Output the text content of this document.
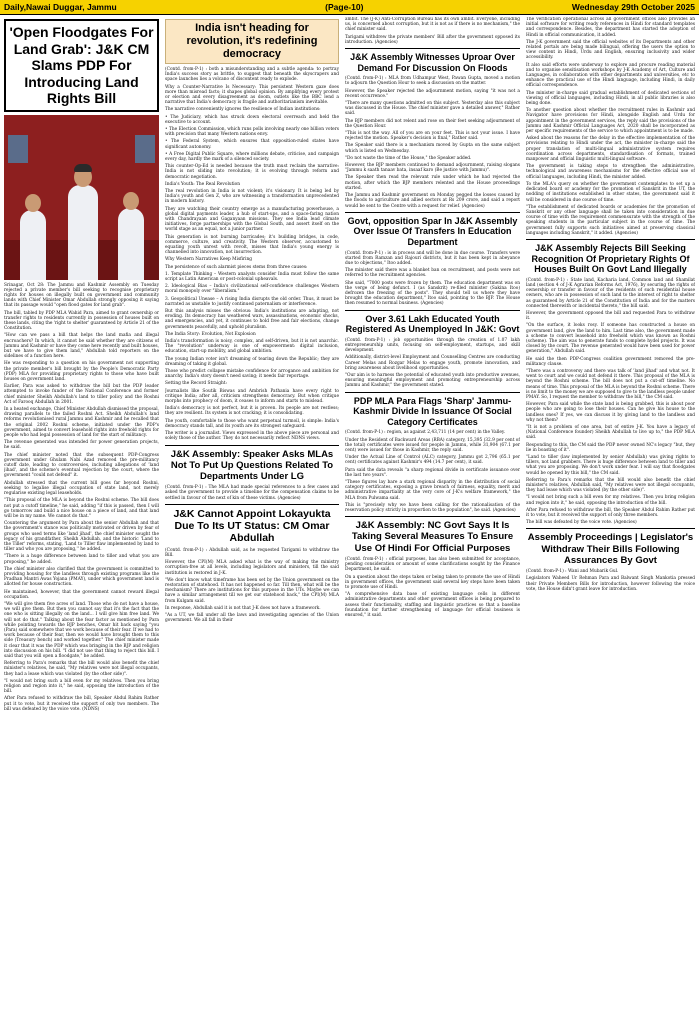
Daily,Nawai Duggar, Jammu	(Page-10)	Wednesday 29th October 2025
'Open Floodgates For Land Grab': J&K CM Slams PDP For Introducing Land Rights Bill

Srinagar, Oct 28: The Jammu and Kashmir Assembly on Tuesday rejected a private member's bill seeking to recognise proprietary rights for houses on illegally built on government and community lands with Chief Minister Omar Abdullah strongly opposing it saying that its passage would "open flood gates for land grab".

The bill, tabled by PDP MLA Wahid Para, aimed to grant ownership or transfer rights to residents currently in possession of houses built on these lands, citing the 'right to shelter' guaranteed by Article 21 of the Constitution.

"How can we pass a bill that helps the land mafia and illegal encroachers? In which, it cannot be said whether they are citizens of Jammu and Kashmir or have they come here recently and built houses, but we have to give them land," Abdullah told reporters on the sidelines of a function here.

He was responding to a question on his government not supporting the private member's bill brought by the People's Democratic Party (PDP) MLA for providing proprietary rights to those who have built houses on government land.

Earlier, Para was asked to withdraw the bill but the PDP leader attempted to invoke funder of the National Conference and former chief minister Sheikh Abdullah's land to tiller policy and the Roshni Act of Farooq Abdullah in 2001.

In a heated exchange, Chief Minister Abdullah dismissed the proposal, drawing parallels to the failed Roshni Act. Sheikh Abdullah's land reforms revolutionised rural Jammu and Kashmir and he recalled that the original 2002 Roshni scheme, initiated under the PDP's government, aimed to convert leasehold rights into freehold rights for people who had legal possession of land for the start of militancy.

The revenue generated was intended for power generation projects, he said.

The chief minister noted that the subsequent PDP-Congress government under Ghulam Nabi Azad removed the pre-militancy cutoff date, leading to controversies, including allegations of 'land jihad', and the scheme's eventual rejection by the court, where the government "could not defend" it.

Abdullah stressed that the current bill goes far beyond Roshni, seeking to legalise illegal occupation of state land, not merely regularise existing legal leaseholds.

"This proposal of the MLA is beyond the Roshni scheme. The bill does not put a cutoff timeline," he said, adding "if this is passed, then I will go tomorrow and build a nice house on a piece of land, and that land will be in my name. We cannot do that."

Countering the argument by Para about the senior Abdullah and that the government's stance was politically motivated or driven by fear of groups who used terms like 'land jihad', the chief minister sought the legacy of his grandfather, Sheikh Abdullah, and the historic 'Land to the Tiller' reforms, stating, 'Land to Tiller flaw implemented by land to tiller and who you are proposing,'' he added.

"There is a huge difference between land to tiller and what you are proposing," he added.

The chief minister also clarified that the government is committed to providing housing for the landless through existing programs like the Pradhan Mantri Awas Yojana (PMAY), under which government land is allotted for house construction.

He maintained, however, that the government cannot reward illegal occupation.

"We will give them five acres of land. Those who do not have a house, we will give them. But then you cannot say that it's the fact that the one who is sitting illegally on the land... I will give him free land. We will not do that." Talking about the fear factor as mentioned by Para while pointing towards the BJP benches, Omar hit back saying "you (Para) said somewhere that we work because of their fear. If we had to work because of their fear, then we would have brought them to this side (Treasury bench) and worked together." The chief minister made it clear that it was the PDP which was bringing in the BJP and religion into discussion on his bill. "I did not use that thing to reject this bill. I said that you will open a floodgate," he added.

Referring to Para's remarks that the bill would also benefit the chief minister's relatives, he said, "My relatives were not illegal occupants, they had a lease which was violated (by the other side)".

"I would not bring such a bill even for my relatives. Then you bring religion and region into it," he said, opposing the introduction of the bill.

After Para refused to withdraw the bill, Speaker Abdul Rahim Rather put it to vote, but it received the support of only two members. The bill was defeated by the voice vote. (NDNS)

India isn't heading for revolution, it's redefining democracy

(Contd. from-P-1) : both a misunderstanding and a subtle agenda: to portray India's success story as brittle, to suggest that beneath the skyscrapers and space launches lies a volcano of discontent ready to explode.

Why a Counter-Narrative Is Necessary: This persistent Western gaze does more than misread facts; it shapes global opinion. By amplifying every protest or election and every disagreement as doom, outlets like the BBC lend a narrative that India's democracy is fragile and authoritarianism inevitable.

The narrative conveniently ignores the resilience of Indian institutions:

• The Judiciary, which has struck down electoral overreach and held the executive to account.

• The Election Commission, which runs polls involving nearly one billion voters with precision that many Western nations envy.

• The Federal System, which ensures that opposition-ruled states have significant autonomy.

• A Free Digital Public Square, where millions debate, criticise, and campaign every day, hardly the mark of a silenced society.

This counter-Op-Ed is needed because the truth must reclaim the narrative: India is not sliding into revolution; it is evolving through reform and democratic negotiation.

India's Youth: The Real Revolution

The real revolution in India is not violent; it's visionary. It is being led by India's youth and Gen Z, who are witnessing a transformation unprecedented in modern history.

They are watching their country emerge as a manufacturing powerhouse, a global digital payments leader, a hub of start-ups, and a space-faring nation with Chandrayaan and Gaganyaan missions. They see India lead climate initiatives, forge partnerships with the Global South, and assert itself on the world stage as an equal, not a junior partner.

This generation is not burning barricades; it's building bridges, in code, commerce, culture, and creativity. The Western observer, accustomed to equating youth unrest with revolt, misses that India's young energy is channelled into innovation, not insurrection.

Why Western Narratives Keep Misfiring

The persistence of such alarmist pieces stems from three causes:

1. Template Thinking – Western analysts consider India must follow the same script as Latin American or post-colonial upheavals.

2. Ideological Bias – India's civilizational self-confidence challenges Western moral monopoly over "liberalism."

3. Geopolitical Unease – A rising India disrupts the old order. Thus, it must be narrated as unstable to justify continued paternalism or interference.

But this analysis misses the obvious: India's institutions are adapting, not eroding. Its democracy has weathered wars, assassinations, economic shocks, and emergencies, and yet, it continues to hold free and fair elections, change governments peacefully, and uphold pluralism.

The India Story: Evolution, Not Explosion

India's transformation is noisy, complex, and self-driven, but it is not anarchic. The "revolution" underway is one of empowerment: digital inclusion, education, start-up mobility, and global ambition.

The young Indian voter isn't dreaming of tearing down the Republic; they are dreaming of taking it global.

Those who predict collapse mistake confidence for arrogance and ambition for anarchy. India's story doesn't need saving; it needs fair reportage.

Setting the Record Straight:

Journalists like Soutik Biswas and Ambrish Pathania have every right to critique India; after all, criticism strengthens democracy. But when critique morphs into prophecy of doom, it ceases to inform and starts to mislead.

India's democracy is not perfect, but it is proven. Its people are not restless; they are resilient. Its system is not cracking; it is consolidating.

The youth, comfortable to those who want perpetual turmoil, is simple: India's democracy stands tall, and its youth are its strongest safeguard.

The writer is a journalist. Views expressed in the above piece are personal and solely those of the author. They do not necessarily reflect NDNS views.

J&K Assembly: Speaker Asks MLAs Not To Put Up Questions Related To Departments Under LG

(Contd. from-P-1) : The MLA had made special references to a few cases and asked the government to provide a timeline for the compensation claims to be settled in favour of the next of kin of these victims. (Agencies)

J&K Cannot Appoint Lokayukta Due To Its UT Status: CM Omar Abdullah

(Contd. from-P-1) : Abdullah said, as he requested Tarigami to withdraw the Bill.

However, the CPI(M) MLA asked what is the way of making the ministry corruption-free at all levels, including legislators and ministers, till the said institution is restored in J-K.

"We don't know what timeframe has been set by the Union government on the restoration of statehood. It has not happened so far. Till then, what will be the mechanism? There are institutions for this purpose in the UTs. Maybe we can have a similar arrangement till we get our statehood back," the CPI(M) MLA from Kulgam said.

In response, Abdullah said it is not that J-K does not have a framework.

"As a UT, we fall under all the laws and investigating agencies of the Union government. We all fall in their

ambit. The (J-K) Anti-Corruption Bureau has its own ambit. Everyone, including us, is concerned about corruption, but it is not as if there is no mechanism," the chief minister said.

Tarigami withdrew the private members' Bill after the government opposed its introduction. (Agencies)

J&K Assembly Witnesses Uproar Over Demand For Discussion On Floods

(Contd. from-P-1) : MLA from Udhampur West, Pawan Gupta, moved a motion to adjourn the Question Hour to seek a discussion on the matter.

However, the Speaker rejected the adjournment motion, saying "it was not a recent occurrence."

"There are many questions admitted on this subject. Yesterday also this subject was discussed in the House. The chief minister gave a detailed answer," Rather said.

The BJP members did not relent and rose on their feet seeking adjournment of the Question Hour.

"This is not the way. All of you are on your feet. This is not your issue. I have rejected the motion. Speaker's decision is final," Rather said.

The Speaker said there is a mechanism moved by Gupta on the same subject which is listed on Wednesday.

"Do not waste the time of the House," the Speaker added.

However, the BJP members continued to demand adjournment, raising slogans "Jammu k saath tanaav bata, insaaf karo (Be justice with Jammu)".

The Speaker then read the relevant rule under which he had rejected the motion, after which the BJP members relented and the House proceedings started.

The Jammu and Kashmir government on Monday pegged the losses caused by the floods to agriculture and allied sectors at Rs 209 crore, and said a report would be sent to the Centre with a request for relief. (Agencies)

Govt, opposition Spar In J&K Assembly Over Issue Of Transfers In Education Department

(Contd. from-P-1) : is in process and will be done in due course. Transfers were started from Ramzan and Rajouri districts, but it has been kept in abeyance due to objections," Itoo added.

The minister said there was a blanket ban on recruitment, and posts were not referred to the recruitment agencies.

She said, "7000 posts were frozen by them. The education department was on the verge of being defunct. I (as Sanskrit) re-filed minister (Sakina Itoo) defrozen the freezing of the posts". They should tell us where they have brought the education department," Itoo said, pointing to the BJP. The House then resumed to normal business. (Agencies)

Over 3.61 Lakh Educated Youth Registered As Unemployed In J&K: Govt

(Contd. from-P-1) : job opportunities through the creation of 1.07 lakh entrepreneurship units, focusing on self-employment, startups, and skill development.

Additionally, district-level Employment and Counselling Centres are conducting Career Melas and Rozgar Melas to engage youth, promote innovation, and bring awareness about livelihood opportunities.

"Our aim is to harness the potential of educated youth into productive avenues, ensuring meaningful employment and promoting entrepreneurship across Jammu and Kashmir," the government stated.

PDP MLA Para Flags 'Sharp' Jammu-Kashmir Divide In Issuance Of Social Category Certificates

(Contd. from-P-1) : region, as against 2,43,711 (14 per cent) in the Valley.

Under the Resident of Backward Areas (RBA) category, 15,395 (32.9 per cent of the total) certificates were issued for people in Jammu, while 31,904 (67.1 per cent) were issued for those in Kashmir, the reply said.

Under the Actual Line of Control (ALC) category, Jammu got 2,796 (65.1 per cent) certificates against Kashmir's 494 (14.7 per cent), it said.

Para said the data reveals "a sharp regional divide in certificate issuance over the last two years".

"These figures lay bare a stark regional disparity in the distribution of social category certificates, exposing a grave breach of fairness, equality, merit and administrative impartiality at the very core of J-K's welfare framework," the MLA from Pulwama said.

This is "precisely why we have been calling for the rationalisation of the reservation policy strictly in proportion to the population", he said. (Agencies)

J&K Assembly: NC Govt Says It Is Taking Several Measures To Ensure Use Of Hindi For Official Purposes

(Contd. from-P-1) : official purposes, has also been submitted for acceptance, pending consideration or amount of some clarifications sought by the Finance Department, he said.

On a question about the steps taken or being taken to promote the use of Hindi in government offices, the government said several key steps have been taken to promote use of Hindi.

"A comprehensive data base of existing language cells in different administrative departments and other government offices is being prepared to assess their functionality, staffing and linguistic practices so that a baseline foundation for further strengthening of language for official business is ensured," it said.

The verification operational across all government offices also provides an initial software for writing ready references in Hindi for standard templates and correspondence. Besides, the department has started the adoption of Hindi in official communication, it added.

The J-K government said the official websites of its Departments and other related portals are being made bilingual, offering the users the option to view content in Hindi, Urdu and English, ensuring inclusivity and wider accessibility.

It also said efforts were underway to explore and procure reading material and to organise sensitisation workshops by J-K Academy of Art, Culture and Languages, in collaboration with other departments and universities, etc to enhance the practical use of the Hindi language, including Hindi, in daily official correspondence.

The minister in-charge said gradual establishment of dedicated sections of viewing of official languages, including Hindi, in all public libraries is also being done.

To another question about whether the recruitment rules in Kashmir and Navigator have provisions for Hindi, alongside English and Urdu for appointment in the government services, the reply said the provisions of the Jammu and Kashmir Official Languages Act, 2020 shall be incorporated as per specific requirements of the service to which appointment is to be made.

Asked about the reasons for the delay in the effective implementation of the provisions relating to Hindi under the act, the minister in-charge said the proper translation of multi-lingual administrative system requires coordination across departments, standardisation of formats, trained manpower and official linguistic multi-lingual software.

The government is taking steps to strengthen the administrative, technological and awareness mechanisms for the effective official use of official languages, including Hindi, the minister added.

To the MLA's query on whether the government contemplates to set up a dedicated board or academy for the promotion of Sanskrit in the UT, the nodding of institutions established in other states, the government said it will be considered in due course of time.

"The establishment of dedicated boards or academies for the promotion of Sanskrit or any other language shall be taken into consideration in due course of time with the requirement commensurate with the strength of the speaking students in the particular subject in the course of time. The government fully supports such initiatives aimed at preserving classical languages including Sanskrit," it added. (Agencies)

J&K Assembly Rejects Bill Seeking Recognition Of Proprietary Rights Of Houses Built On Govt Land Illegally

(Contd. from-P-1) : State land, Kacharia land, Common land and Shamilat land (section 4 of J-K Agrarian Reforms Act, 1976), by securing the rights of ownership or transfer in favour of the residents of such residential house owners, who are in possession of such land to the interest of right to shelter as guaranteed by Article 21 of the Constitution of India and for the matters connected therewith or incidental thereto," the bill said.

However, the government opposed the bill and requested Para to withdraw it.

"On the surface, it looks rosy. If someone has constructed a house on government land, give the land to him. Last time also, the government made a scheme to convert leasehold into freehold which was known as Roshni (scheme). The aim was to generate funds to complete hydel projects. It was closed by the court. The revenue generated would have been used for power generation," Abdullah said.

He said the then PDP-Congress coalition government removed the pre-militancy clause.

"There was a controversy and there was talk of 'land jihad' and what not. It went to court and we could not defend it there. This proposal of the MLA is beyond the Roshni scheme. The bill does not put a cut-off timeline. No means of time. This proposal of the MLA is beyond the Roshni scheme. There is no limit to the money we are supposed to give to the landless people under PMAY. So, I request the member to withdraw the bill," the CM said.

However, Para said while the state land is being grabbed, this is about poor people who are going to lose their houses. Can he give his house to the landless ones? If yes, we can discuss it by giving land to the landless and why not them?

"It is not a problem of one area, but of entire J-K. You have a legacy of (National Conference founder) Sheikh Abdullah to live up to," the PDP MLA said.

Responding to this, the CM said the PDP never owned NC's legacy "but, they lie in boasting of it".

"Land to tiller (law implemented by senior Abdullah) was giving rights to tillers, not land grabbers. There is huge difference between land to tiller and what you are proposing. We don't work under fear. I will say that floodgates would be opened by this bill," the CM said.

Referring to Para's remarks that the bill would also benefit the chief minister's relatives, Abdullah said, "My relatives were not illegal occupants, they had lease which was violated (by the other side)".

"I would not bring such a bill even for my relatives. Then you bring religion and region into it," he said, opposing the introduction of the bill.

After Para refused to withdraw the bill, the Speaker Abdul Rahim Rather put it to vote, but it received the support of only three members.

The bill was defeated by the voice vote. (Agencies)

Assembly Proceedings | Legislator's Withdraw Their Bills Following Assurances By Govt

(Contd. from-P-1) : Wani and Mubarik Gul.

Legislators Waheed Ur Rehman Para and Balwant Singh Mankotia pressed their Private Members Bills for introduction, however following the voice vote, the House didn't grant leave for introduction.
